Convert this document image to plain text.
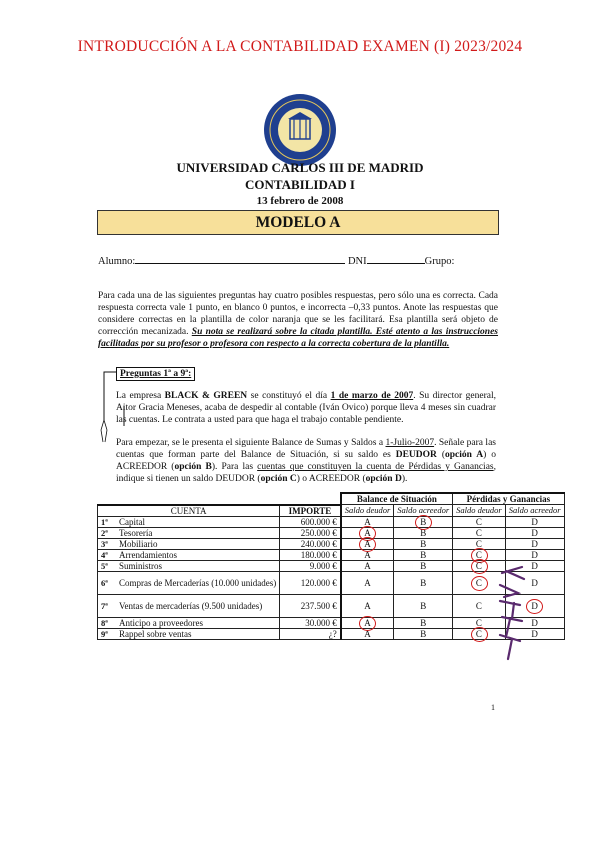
INTRODUCCIÓN A LA CONTABILIDAD EXAMEN (I) 2023/2024
UNIVERSIDAD CARLOS III DE MADRID
CONTABILIDAD I
13 febrero de 2008
MODELO A
Alumno:	DNI	Grupo:
Para cada una de las siguientes preguntas hay cuatro posibles respuestas, pero sólo una es correcta. Cada respuesta correcta vale 1 punto, en blanco 0 puntos, e incorrecta –0,33 puntos. Anote las respuestas que considere correctas en la plantilla de color naranja que se les facilitará. Esa plantilla será objeto de corrección mecanizada. Su nota se realizará sobre la citada plantilla. Esté atento a las instrucciones facilitadas por su profesor o profesora con respecto a la correcta cobertura de la plantilla.
Preguntas 1ª a 9ª:
La empresa BLACK & GREEN se constituyó el día 1 de marzo de 2007. Su director general, Aitor Gracia Meneses, acaba de despedir al contable (Iván Ovico) porque lleva 4 meses sin cuadrar las cuentas. Le contrata a usted para que haga el trabajo contable pendiente.
Para empezar, se le presenta el siguiente Balance de Sumas y Saldos a 1-Julio-2007. Señale para las cuentas que forman parte del Balance de Situación, si su saldo es DEUDOR (opción A) o ACREEDOR (opción B). Para las cuentas que constituyen la cuenta de Pérdidas y Ganancias, indique si tienen un saldo DEUDOR (opción C) o ACREEDOR (opción D).
			Balance de Situación		Pérdidas y Ganancias	
CUENTA		IMPORTE	Saldo deudor	Saldo acreedor	Saldo deudor	Saldo acreedor
1ª	Capital	600.000 €	A	B	C	D
2ª	Tesorería	250.000 €	A	B	C	D
3ª	Mobiliario	240.000 €	A	B	C	D
4ª	Arrendamientos	180.000 €	A	B	C	D
5ª	Suministros	9.000 €	A	B	C	D
6ª	Compras de Mercaderías (10.000 unidades)	120.000 €	A	B	C	D
7ª	Ventas de mercaderías (9.500 unidades)	237.500 €	A	B	C	D
8ª	Anticipo a proveedores	30.000 €	A	B	C	D
9ª	Rappel sobre ventas	¿?	A	B	C	D
1
